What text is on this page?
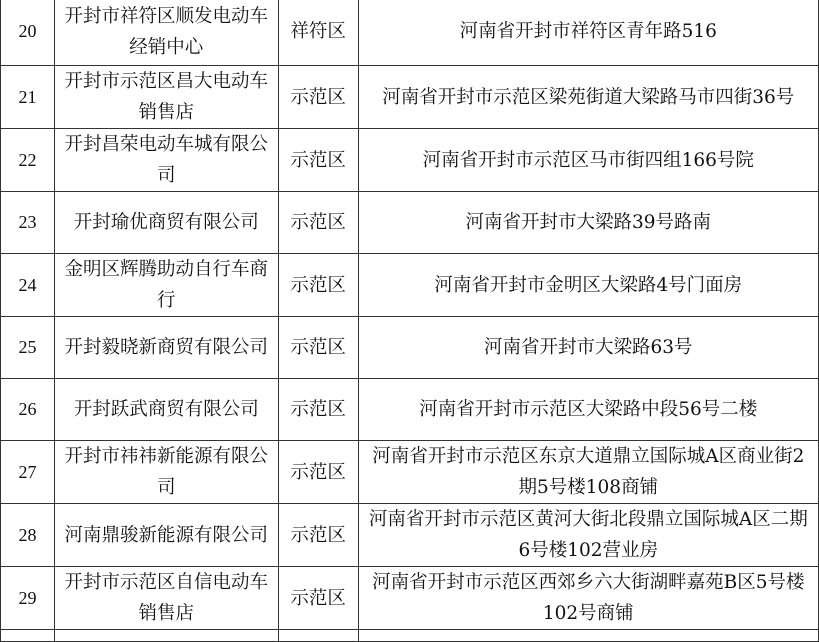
20	开封市祥符区顺发电动车经销中心	祥符区	河南省开封市祥符区青年路516
21	开封市示范区昌大电动车销售店	示范区	河南省开封市示范区梁苑街道大梁路马市四街36号
22	开封昌荣电动车城有限公司	示范区	河南省开封市示范区马市街四组166号院
23	开封瑜优商贸有限公司	示范区	河南省开封市大梁路39号路南
24	金明区辉腾助动自行车商行	示范区	河南省开封市金明区大梁路4号门面房
25	开封毅晓新商贸有限公司	示范区	河南省开封市大梁路63号
26	开封跃武商贸有限公司	示范区	河南省开封市示范区大梁路中段56号二楼
27	开封市祎祎新能源有限公司	示范区	河南省开封市示范区东京大道鼎立国际城A区商业街2期5号楼108商铺
28	河南鼎骏新能源有限公司	示范区	河南省开封市示范区黄河大街北段鼎立国际城A区二期6号楼102营业房
29	开封市示范区自信电动车销售店	示范区	河南省开封市示范区西郊乡六大街湖畔嘉苑B区5号楼102号商铺
